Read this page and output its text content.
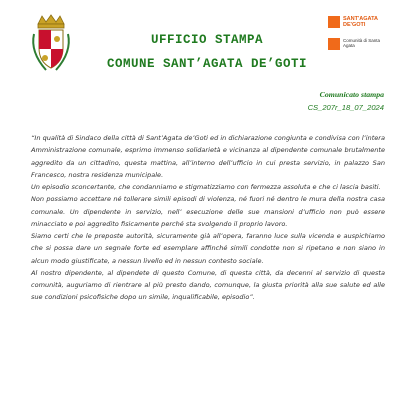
UFFICIO STAMPA
COMUNE SANT’AGATA DE’GOTI
SANT'AGATA DE'GOTI
Comunità di Santa Agata
Comunicato stampa
CS_207r_18_07_2024

“In qualità di Sindaco della città di Sant’Agata de’Goti ed in dichiarazione congiunta e condivisa con l’intera Amministrazione comunale, esprimo immenso solidarietà e vicinanza al dipendente comunale brutalmente aggredito da un cittadino, questa mattina, all’interno dell’ufficio in cui presta servizio, in palazzo San Francesco, nostra residenza municipale.

Un episodio sconcertante, che condanniamo e stigmatizziamo con fermezza assoluta e che ci lascia basiti.

Non possiamo accettare né tollerare simili episodi di violenza, né fuori né dentro le mura della nostra casa comunale. Un dipendente in servizio, nell’ esecuzione delle sue mansioni d’ufficio non può essere minacciato e poi aggredito fisicamente perché sta svolgendo il proprio lavoro.

Siamo certi che le preposte autorità, sicuramente già all’opera, faranno luce sulla vicenda e auspichiamo che si possa dare un segnale forte ed esemplare affinché simili condotte non si ripetano e non siano in alcun modo giustificate, a nessun livello ed in nessun contesto sociale.

Al nostro dipendente, al dipendete di questo Comune, di questa città, da decenni al servizio di questa comunità, auguriamo di rientrare al più presto dando, comunque, la giusta priorità alla sue salute ed alle sue condizioni psicofisiche dopo un simile, inqualificabile, episodio”.
